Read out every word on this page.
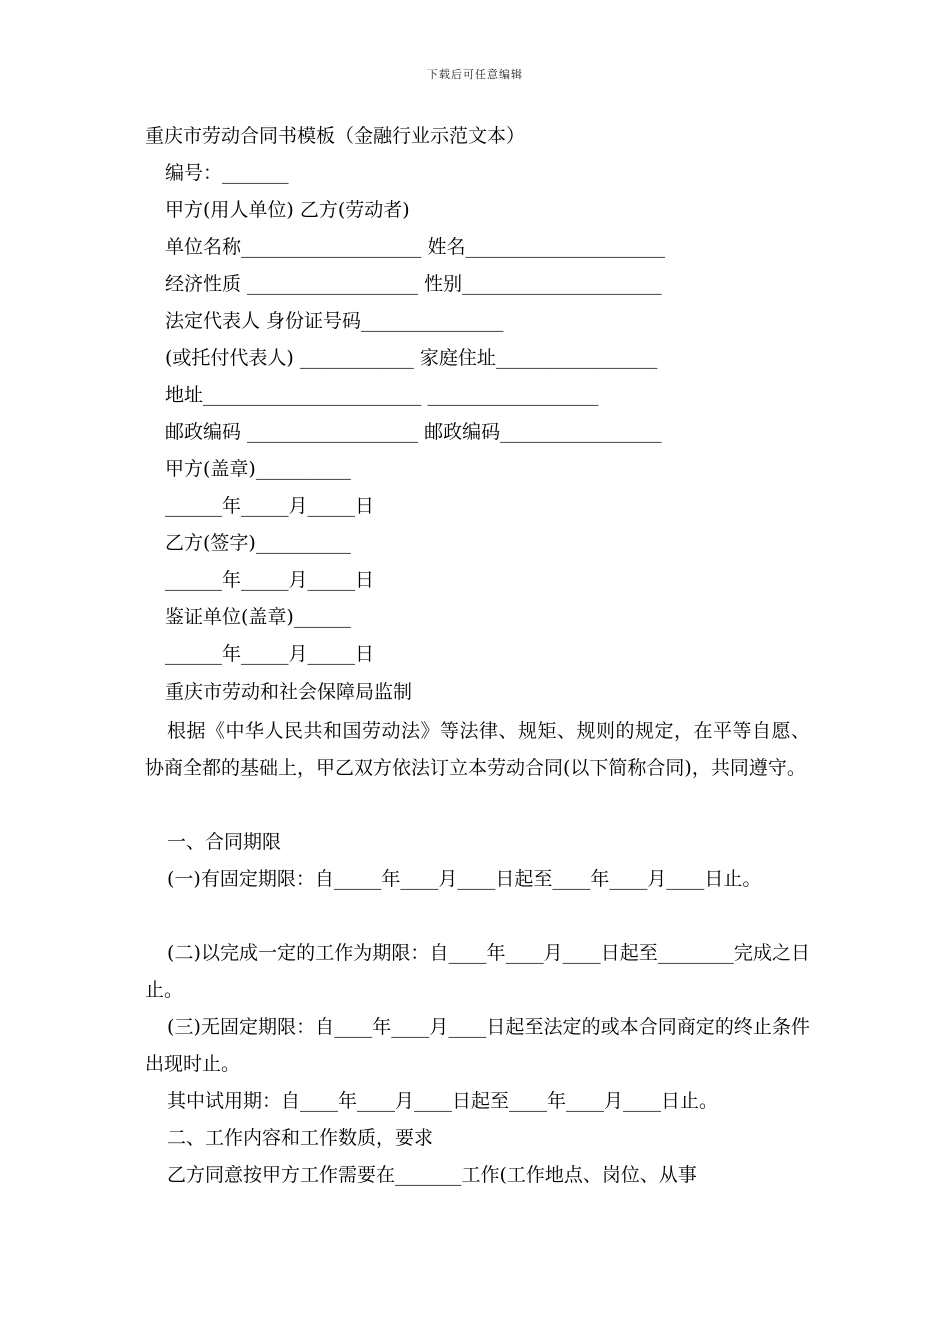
下载后可任意编辑
重庆市劳动合同书模板（金融行业示范文本）
编号：_______
甲方(用人单位) 乙方(劳动者)
单位名称___________________ 姓名_____________________
经济性质 __________________ 性别_____________________
法定代表人 身份证号码_______________
(或托付代表人) ____________ 家庭住址_________________
地址_______________________ __________________
邮政编码 __________________ 邮政编码_________________
甲方(盖章)__________
______年_____月_____日
乙方(签字)__________
______年_____月_____日
鉴证单位(盖章)______
______年_____月_____日
重庆市劳动和社会保障局监制
根据《中华人民共和国劳动法》等法律、规矩、规则的规定，在平等自愿、协商全都的基础上，甲乙双方依法订立本劳动合同(以下简称合同)，共同遵守。
一、合同期限
(一)有固定期限：自_____年____月____日起至____年____月____日止。
(二)以完成一定的工作为期限：自____年____月____日起至________完成之日止。
(三)无固定期限：自____年____月____日起至法定的或本合同商定的终止条件出现时止。
其中试用期：自____年____月____日起至____年____月____日止。
二、工作内容和工作数质，要求
乙方同意按甲方工作需要在_______工作(工作地点、岗位、从事
